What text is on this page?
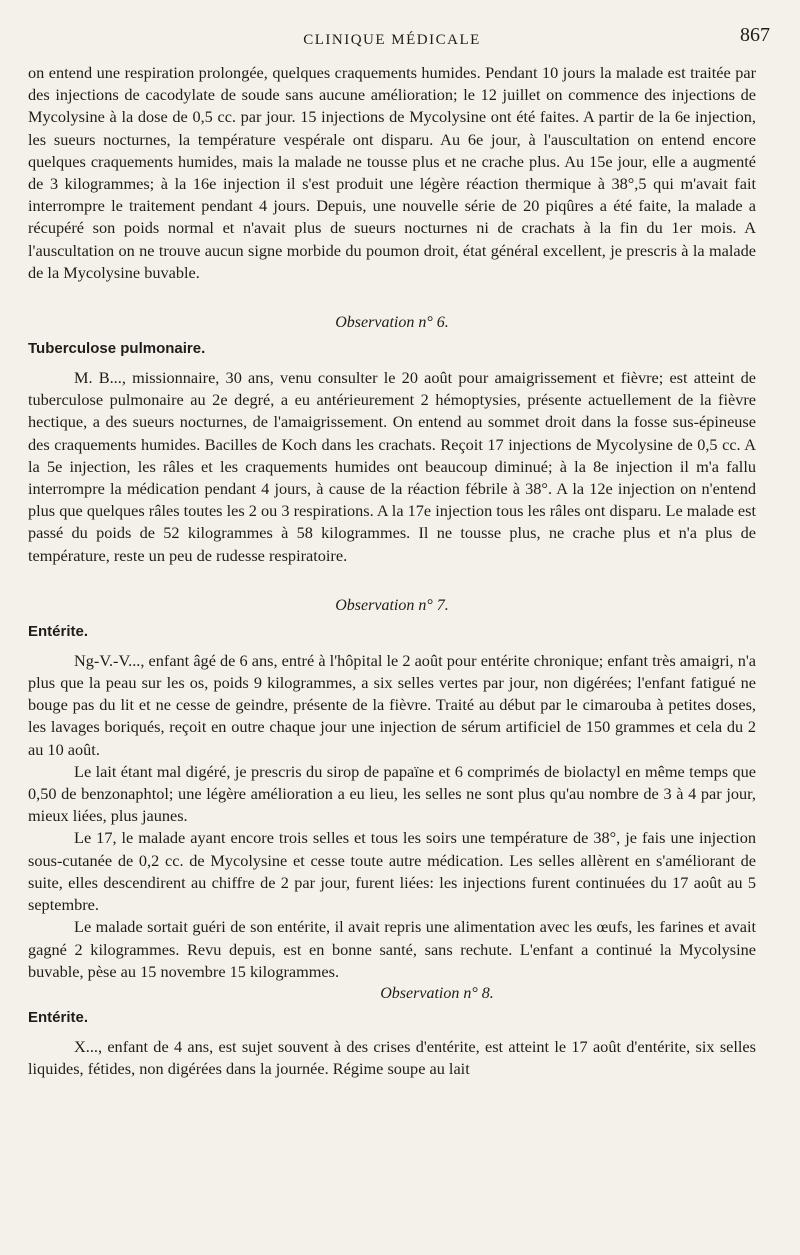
CLINIQUE MÉDICALE	867

on entend une respiration prolongée, quelques craquements humides. Pendant 10 jours la malade est traitée par des injections de cacodylate de soude sans aucune amélioration; le 12 juillet on commence des injections de Mycolysine à la dose de 0,5 cc. par jour. 15 injections de Mycolysine ont été faites. A partir de la 6e injection, les sueurs nocturnes, la température vespérale ont disparu. Au 6e jour, à l'auscultation on entend encore quelques craquements humides, mais la malade ne tousse plus et ne crache plus. Au 15e jour, elle a augmenté de 3 kilogrammes; à la 16e injection il s'est produit une légère réaction thermique à 38°,5 qui m'avait fait interrompre le traitement pendant 4 jours. Depuis, une nouvelle série de 20 piqûres a été faite, la malade a récupéré son poids normal et n'avait plus de sueurs nocturnes ni de crachats à la fin du 1er mois. A l'auscultation on ne trouve aucun signe morbide du poumon droit, état général excellent, je prescris à la malade de la Mycolysine buvable.

Observation n° 6.
Tuberculose pulmonaire.

M. B..., missionnaire, 30 ans, venu consulter le 20 août pour amaigrissement et fièvre; est atteint de tuberculose pulmonaire au 2e degré, a eu antérieurement 2 hémoptysies, présente actuellement de la fièvre hectique, a des sueurs nocturnes, de l'amaigrissement. On entend au sommet droit dans la fosse sus-épineuse des craquements humides. Bacilles de Koch dans les crachats. Reçoit 17 injections de Mycolysine de 0,5 cc. A la 5e injection, les râles et les craquements humides ont beaucoup diminué; à la 8e injection il m'a fallu interrompre la médication pendant 4 jours, à cause de la réaction fébrile à 38°. A la 12e injection on n'entend plus que quelques râles toutes les 2 ou 3 respirations. A la 17e injection tous les râles ont disparu. Le malade est passé du poids de 52 kilogrammes à 58 kilogrammes. Il ne tousse plus, ne crache plus et n'a plus de température, reste un peu de rudesse respiratoire.

Observation n° 7.
Entérite.

Ng-V.-V..., enfant âgé de 6 ans, entré à l'hôpital le 2 août pour entérite chronique; enfant très amaigri, n'a plus que la peau sur les os, poids 9 kilogrammes, a six selles vertes par jour, non digérées; l'enfant fatigué ne bouge pas du lit et ne cesse de geindre, présente de la fièvre. Traité au début par le cimarouba à petites doses, les lavages boriqués, reçoit en outre chaque jour une injection de sérum artificiel de 150 grammes et cela du 2 au 10 août.

Le lait étant mal digéré, je prescris du sirop de papaïne et 6 comprimés de biolactyl en même temps que 0,50 de benzonaphtol; une légère amélioration a eu lieu, les selles ne sont plus qu'au nombre de 3 à 4 par jour, mieux liées, plus jaunes.

Le 17, le malade ayant encore trois selles et tous les soirs une température de 38°, je fais une injection sous-cutanée de 0,2 cc. de Mycolysine et cesse toute autre médication. Les selles allèrent en s'améliorant de suite, elles descendirent au chiffre de 2 par jour, furent liées: les injections furent continuées du 17 août au 5 septembre.

Le malade sortait guéri de son entérite, il avait repris une alimentation avec les œufs, les farines et avait gagné 2 kilogrammes. Revu depuis, est en bonne santé, sans rechute. L'enfant a continué la Mycolysine buvable, pèse au 15 novembre 15 kilogrammes.

Observation n° 8.
Entérite.

X..., enfant de 4 ans, est sujet souvent à des crises d'entérite, est atteint le 17 août d'entérite, six selles liquides, fétides, non digérées dans la journée. Régime soupe au lait
